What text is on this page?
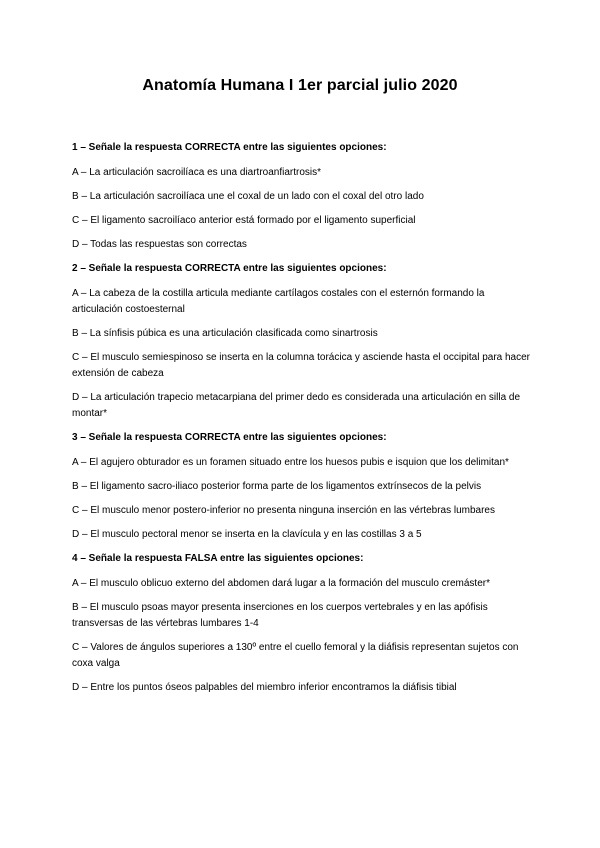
Anatomía Humana I 1er parcial julio 2020
1 – Señale la respuesta CORRECTA entre las siguientes opciones:
A – La articulación sacroilíaca es una diartroanfiartrosis*
B – La articulación sacroilíaca une el coxal de un lado con el coxal del otro lado
C – El ligamento sacroilíaco anterior está formado por el ligamento superficial
D – Todas las respuestas son correctas
2 – Señale la respuesta CORRECTA entre las siguientes opciones:
A – La cabeza de la costilla articula mediante cartílagos costales con el esternón formando la articulación costoesternal
B – La sínfisis púbica es una articulación clasificada como sinartrosis
C – El musculo semiespinoso se inserta en la columna torácica y asciende hasta el occipital para hacer extensión de cabeza
D – La articulación trapecio metacarpiana del primer dedo es considerada una articulación en silla de montar*
3 – Señale la respuesta CORRECTA entre las siguientes opciones:
A – El agujero obturador es un foramen situado entre los huesos pubis e isquion que los delimitan*
B – El ligamento sacro-iliaco posterior forma parte de los ligamentos extrínsecos de la pelvis
C – El musculo menor postero-inferior no presenta ninguna inserción en las vértebras lumbares
D – El musculo pectoral menor se inserta en la clavícula y en las costillas 3 a 5
4 – Señale la respuesta FALSA entre las siguientes opciones:
A – El musculo oblicuo externo del abdomen dará lugar a la formación del musculo cremáster*
B – El musculo psoas mayor presenta inserciones en los cuerpos vertebrales y en las apófisis transversas de las vértebras lumbares 1-4
C – Valores de ángulos superiores a 130º entre el cuello femoral y la diáfisis representan sujetos con coxa valga
D – Entre los puntos óseos palpables del miembro inferior encontramos la diáfisis tibial
